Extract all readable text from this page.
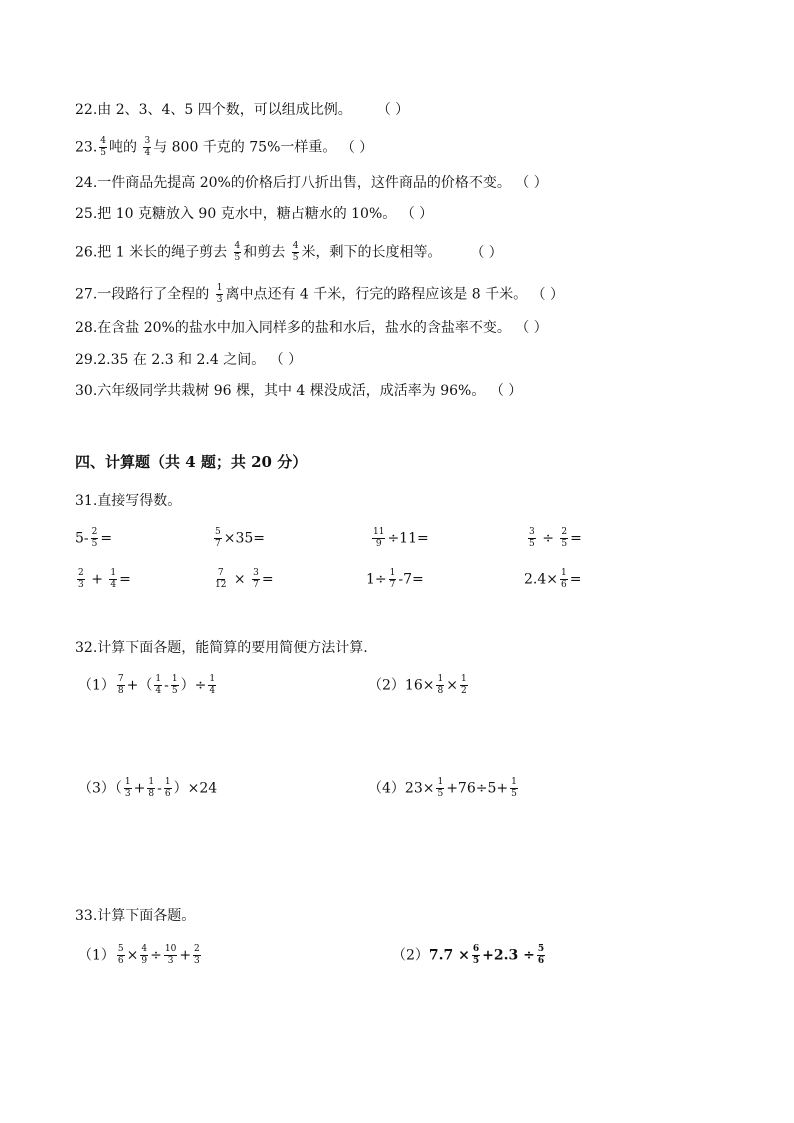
22.由 2、3、4、5 四个数，可以组成比例。 （ ）
23. $\frac{4}{5}$ 吨的 $\frac{3}{4}$ 与 800 千克的 75%一样重。 （ ）
24.一件商品先提高 20%的价格后打八折出售，这件商品的价格不变。 （ ）
25.把 10 克糖放入 90 克水中，糖占糖水的 10%。 （ ）
26.把 1 米长的绳子剪去 $\frac{4}{5}$ 和剪去 $\frac{4}{5}$ 米，剩下的长度相等。 （ ）
27.一段路行了全程的 $\frac{1}{3}$ 离中点还有 4 千米，行完的路程应该是 8 千米。 （ ）
28.在含盐 20%的盐水中加入同样多的盐和水后，盐水的含盐率不变。 （ ）
29.2.35 在 2.3 和 2.4 之间。 （ ）
30.六年级同学共栽树 96 棵，其中 4 棵没成活，成活率为 96%。 （ ）
四、计算题（共 4 题；共 20 分）
31.直接写得数。
$5- \frac{2}{5}$ =	$\frac{5}{7} \times 35=$	$\frac{11}{9} \div 11=$	$\frac{3}{5} \div \frac{2}{5}$ =
$\frac{2}{3} + \frac{1}{4}$ =	$\frac{7}{12} \times \frac{3}{7}$ =	$1\div \frac{1}{7} -7=$	$2.4\times \frac{1}{6}$ =
32.计算下面各题，能简算的要用简便方法计算.
$(1) \frac{7}{8}$ +（ $\frac{1}{4} - \frac{1}{5}$ ）÷ $\frac{1}{4}$	$(2)16\times \frac{1}{8} \times \frac{1}{2}$
$(3)( \frac{1}{3} + \frac{1}{8} - \frac{1}{6} )\times 24$	$(4)23\times \frac{1}{5} +76\div 5+ \frac{1}{5}$
33.计算下面各题。
$(1) \frac{5}{6} \times \frac{4}{9} \div \frac{10}{3} + \frac{2}{3}$	$(2)7.7 \times \frac{6}{5} +2.3 \div \frac{5}{6}$
